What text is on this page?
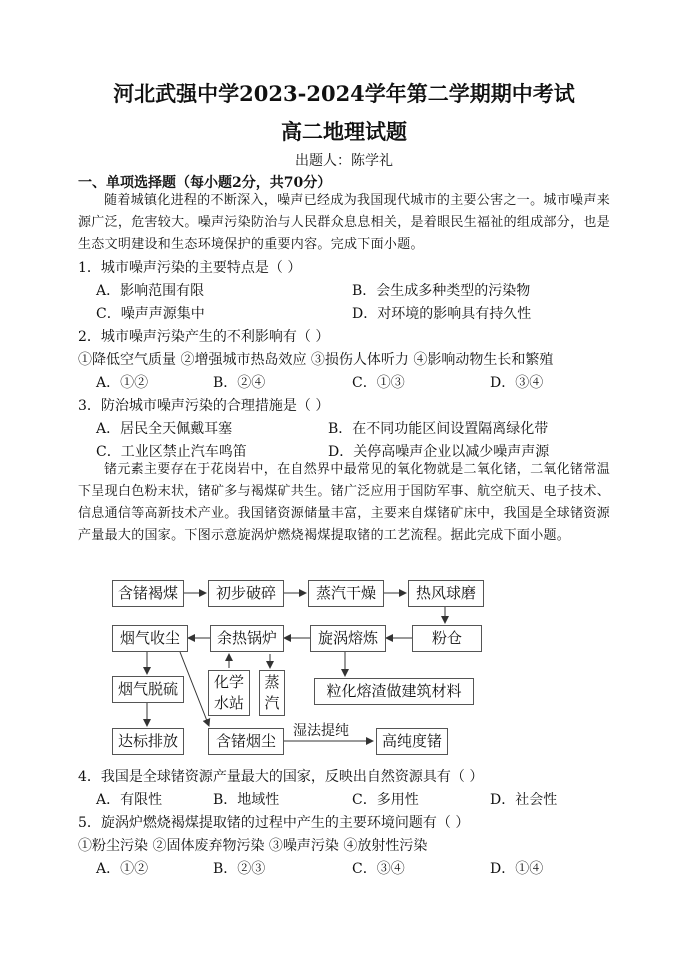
河北武强中学2023-2024学年第二学期期中考试
高二地理试题
出题人：陈学礼
一、单项选择题（每小题2分，共70分）
随着城镇化进程的不断深入，噪声已经成为我国现代城市的主要公害之一。城市噪声来源广泛，危害较大。噪声污染防治与人民群众息息相关，是着眼民生福祉的组成部分，也是生态文明建设和生态环境保护的重要内容。完成下面小题。
1．城市噪声污染的主要特点是（ ）
A．影响范围有限	B．会生成多种类型的污染物
C．噪声声源集中	D．对环境的影响具有持久性
2．城市噪声污染产生的不利影响有（ ）
①降低空气质量 ②增强城市热岛效应 ③损伤人体听力 ④影响动物生长和繁殖
A．①②	B．②④	C．①③	D．③④
3．防治城市噪声污染的合理措施是（ ）
A．居民全天佩戴耳塞	B．在不同功能区间设置隔离绿化带
C．工业区禁止汽车鸣笛	D．关停高噪声企业以减少噪声声源
锗元素主要存在于花岗岩中，在自然界中最常见的氧化物就是二氧化锗，二氧化锗常温下呈现白色粉末状，锗矿多与褐煤矿共生。锗广泛应用于国防军事、航空航天、电子技术、信息通信等高新技术产业。我国锗资源储量丰富，主要来自煤锗矿床中，我国是全球锗资源产量最大的国家。下图示意旋涡炉燃烧褐煤提取锗的工艺流程。据此完成下面小题。
含锗褐煤	初步破碎	蒸汽干燥	热风球磨
粉仓
旋涡熔炼
余热锅炉
烟气收尘
化学
水站
蒸
汽
粒化熔渣做建筑材料
烟气脱硫
达标排放	含锗烟尘
湿法提纯
高纯度锗
4．我国是全球锗资源产量最大的国家，反映出自然资源具有（ ）
A．有限性	B．地域性	C．多用性	D．社会性
5．旋涡炉燃烧褐煤提取锗的过程中产生的主要环境问题有（ ）
①粉尘污染 ②固体废弃物污染 ③噪声污染 ④放射性污染
A．①②	B．②③	C．③④	D．①④
